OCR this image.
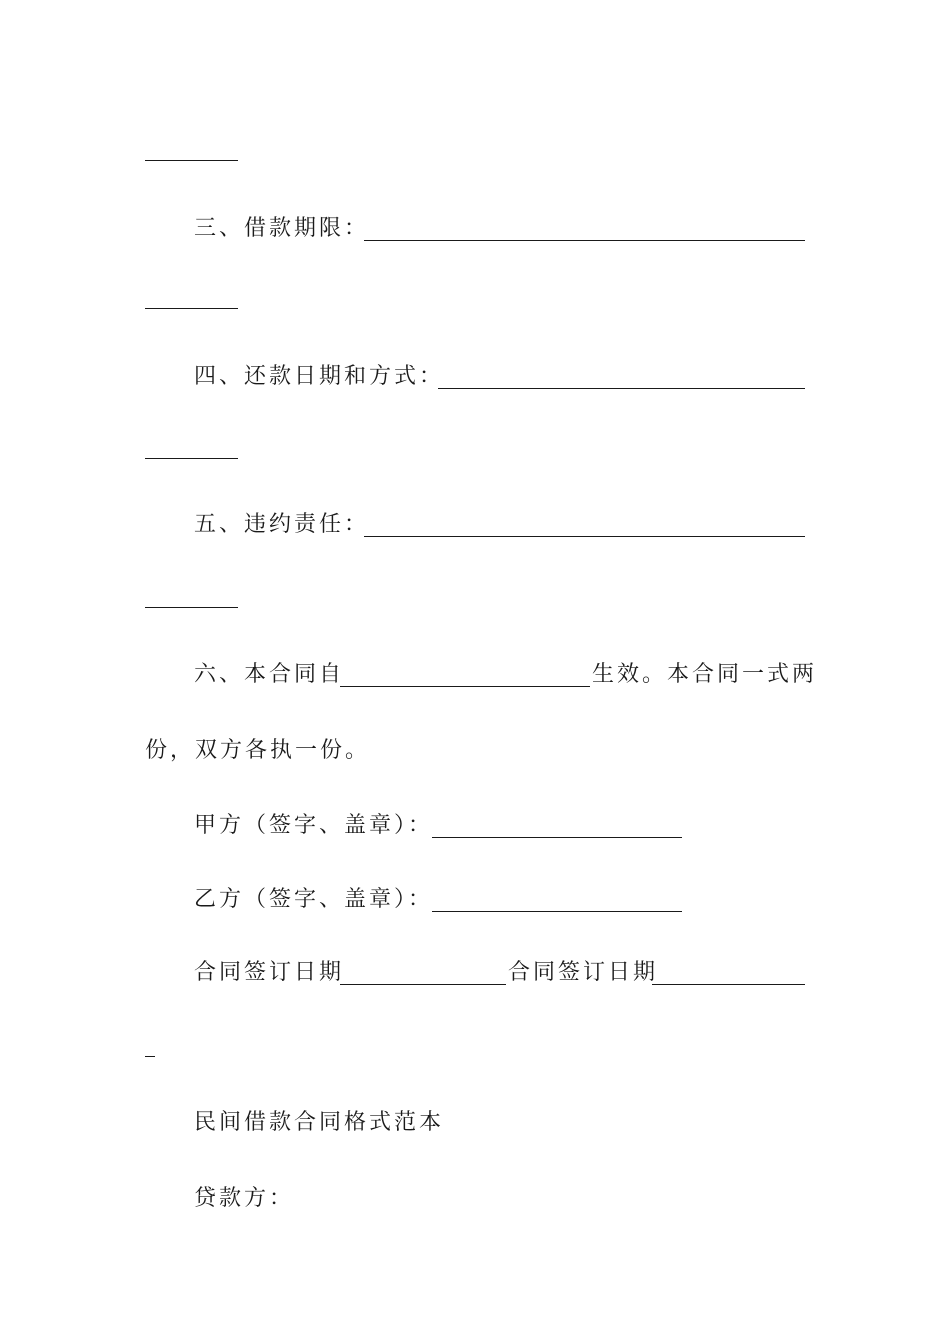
三、借款期限：
四、还款日期和方式：
五、违约责任：
六、本合同自	生效。本合同一式两
份，双方各执一份。
甲方（签字、盖章）：
乙方（签字、盖章）：
合同签订日期	合同签订日期
民间借款合同格式范本
贷款方：
